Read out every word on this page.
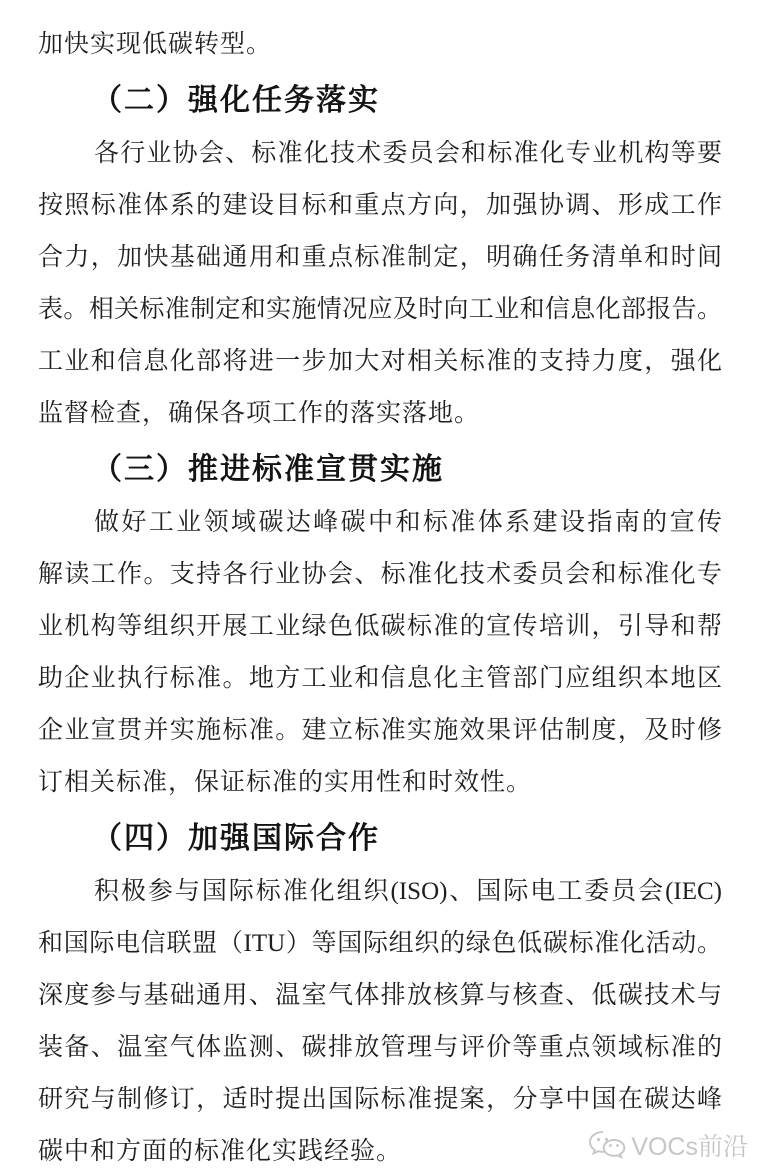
加快实现低碳转型。
（二）强化任务落实
各行业协会、标准化技术委员会和标准化专业机构等要
按照标准体系的建设目标和重点方向，加强协调、形成工作
合力，加快基础通用和重点标准制定，明确任务清单和时间
表。相关标准制定和实施情况应及时向工业和信息化部报告。
工业和信息化部将进一步加大对相关标准的支持力度，强化
监督检查，确保各项工作的落实落地。
（三）推进标准宣贯实施
做好工业领域碳达峰碳中和标准体系建设指南的宣传
解读工作。支持各行业协会、标准化技术委员会和标准化专
业机构等组织开展工业绿色低碳标准的宣传培训，引导和帮
助企业执行标准。地方工业和信息化主管部门应组织本地区
企业宣贯并实施标准。建立标准实施效果评估制度，及时修
订相关标准，保证标准的实用性和时效性。
（四）加强国际合作
积极参与国际标准化组织(ISO)、国际电工委员会(IEC)
和国际电信联盟（ITU）等国际组织的绿色低碳标准化活动。
深度参与基础通用、温室气体排放核算与核查、低碳技术与
装备、温室气体监测、碳排放管理与评价等重点领域标准的
研究与制修订，适时提出国际标准提案，分享中国在碳达峰
碳中和方面的标准化实践经验。	VOCs前沿
